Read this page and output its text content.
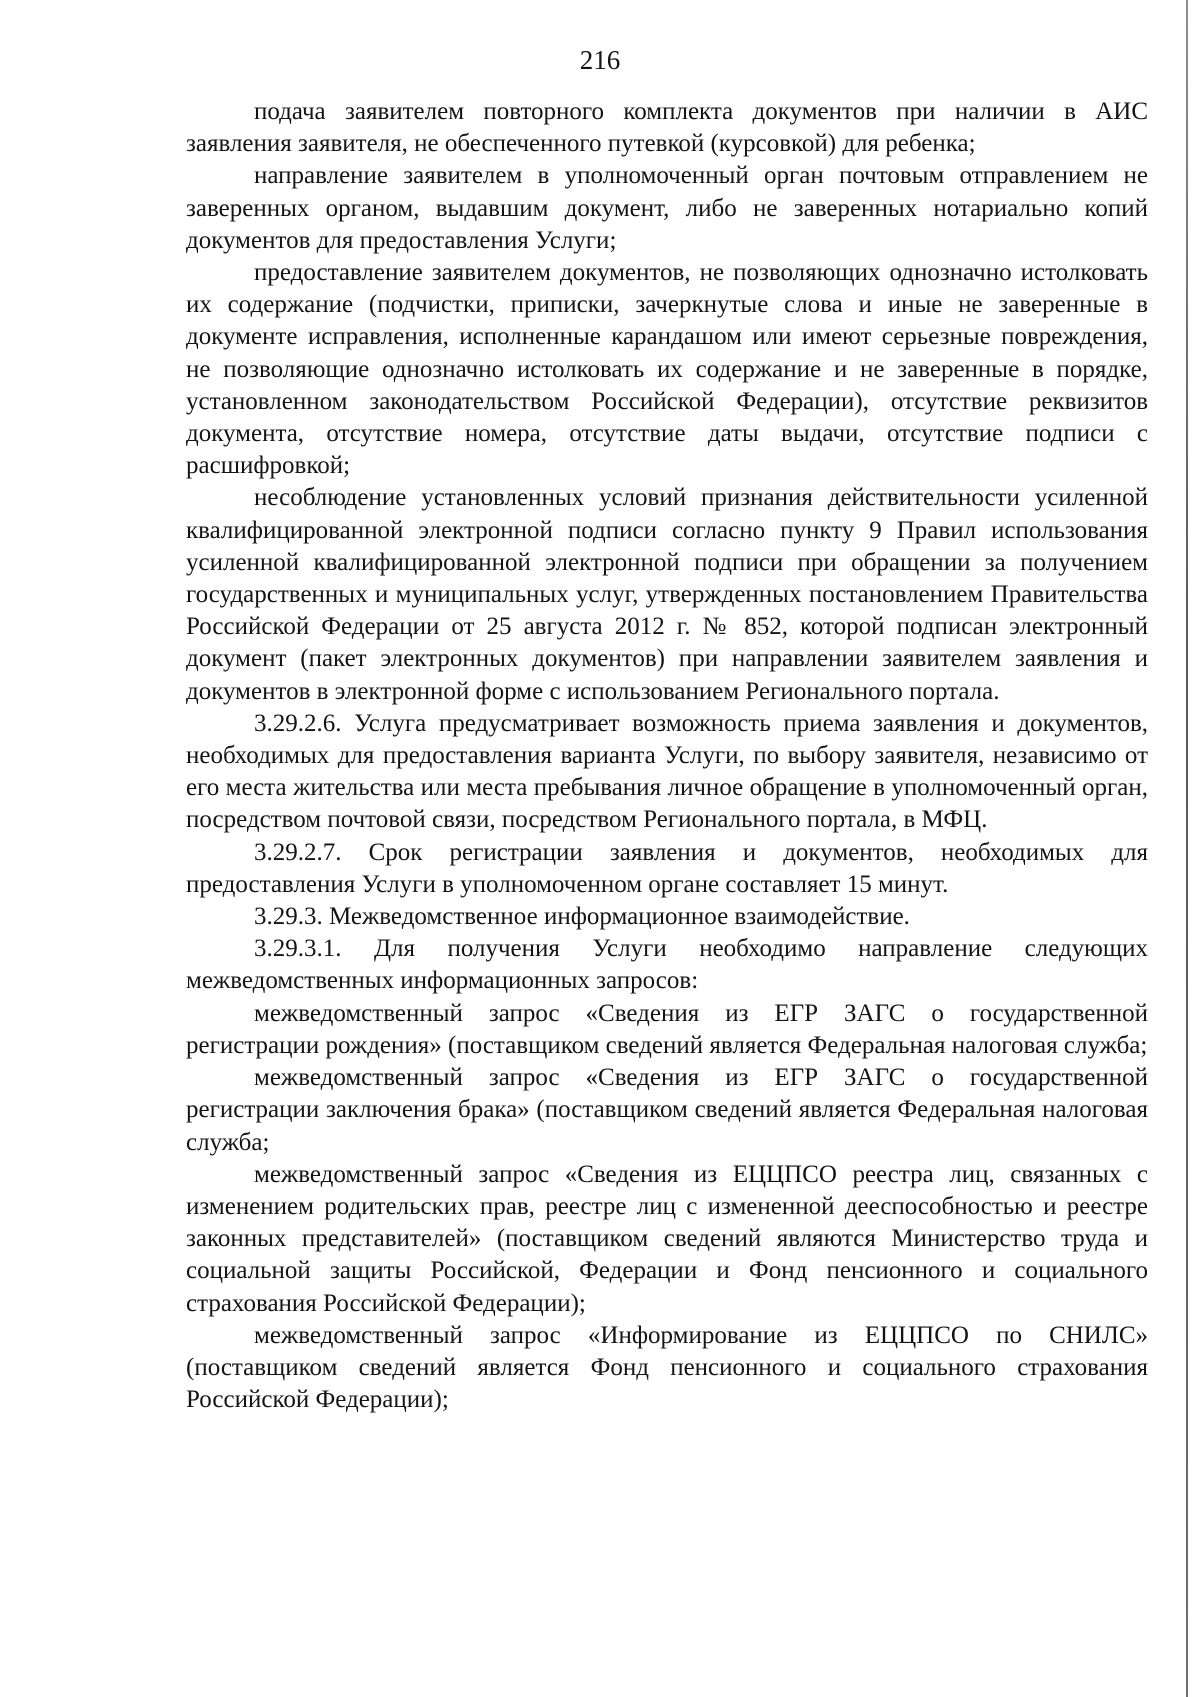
216

подача заявителем повторного комплекта документов при наличии в АИС заявления заявителя, не обеспеченного путевкой (курсовкой) для ребенка;

направление заявителем в уполномоченный орган почтовым отправлением не заверенных органом, выдавшим документ, либо не заверенных нотариально копий документов для предоставления Услуги;

предоставление заявителем документов, не позволяющих однозначно истолковать их содержание (подчистки, приписки, зачеркнутые слова и иные не заверенные в документе исправления, исполненные карандашом или имеют серьезные повреждения, не позволяющие однозначно истолковать их содержание и не заверенные в порядке, установленном законодательством Российской Федерации), отсутствие реквизитов документа, отсутствие номера, отсутствие даты выдачи, отсутствие подписи с расшифровкой;

несоблюдение установленных условий признания действительности усиленной квалифицированной электронной подписи согласно пункту 9 Правил использования усиленной квалифицированной электронной подписи при обращении за получением государственных и муниципальных услуг, утвержденных постановлением Правительства Российской Федерации от 25 августа 2012 г. № 852, которой подписан электронный документ (пакет электронных документов) при направлении заявителем заявления и документов в электронной форме с использованием Регионального портала.

3.29.2.6. Услуга предусматривает возможность приема заявления и документов, необходимых для предоставления варианта Услуги, по выбору заявителя, независимо от его места жительства или места пребывания личное обращение в уполномоченный орган, посредством почтовой связи, посредством Регионального портала, в МФЦ.

3.29.2.7. Срок регистрации заявления и документов, необходимых для предоставления Услуги в уполномоченном органе составляет 15 минут.

3.29.3. Межведомственное информационное взаимодействие.

3.29.3.1. Для получения Услуги необходимо направление следующих межведомственных информационных запросов:

межведомственный запрос «Сведения из ЕГР ЗАГС о государственной регистрации рождения» (поставщиком сведений является Федеральная налоговая служба;

межведомственный запрос «Сведения из ЕГР ЗАГС о государственной регистрации заключения брака» (поставщиком сведений является Федеральная налоговая служба;

межведомственный запрос «Сведения из ЕЦЦПСО реестра лиц, связанных с изменением родительских прав, реестре лиц с измененной дееспособностью и реестре законных представителей» (поставщиком сведений являются Министерство труда и социальной защиты Российской, Федерации и Фонд пенсионного и социального страхования Российской Федерации);

межведомственный запрос «Информирование из ЕЦЦПСО по СНИЛС» (поставщиком сведений является Фонд пенсионного и социального страхования Российской Федерации);
